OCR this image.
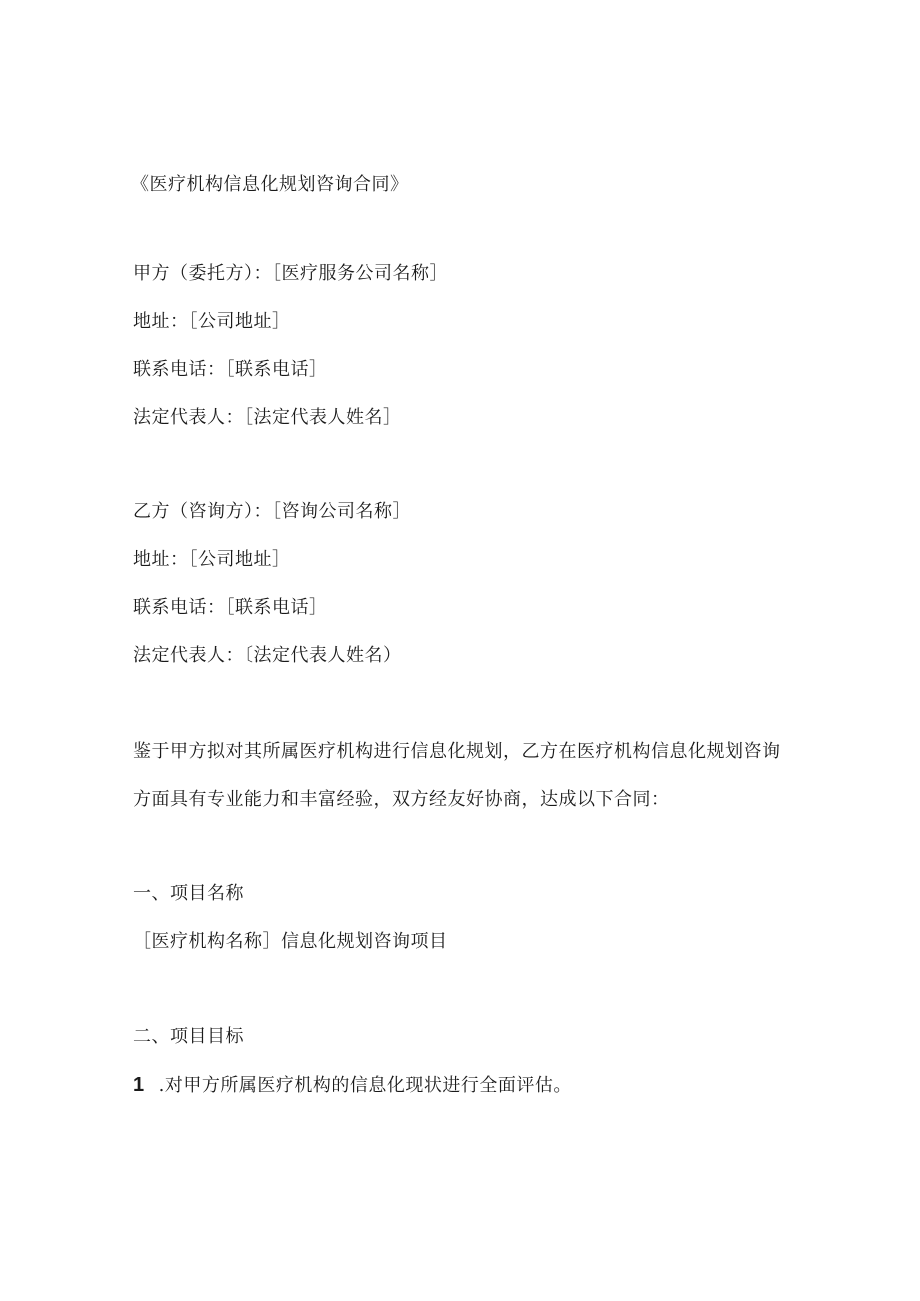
《医疗机构信息化规划咨询合同》
甲方（委托方）：［医疗服务公司名称］
地址：［公司地址］
联系电话：［联系电话］
法定代表人：［法定代表人姓名］
乙方（咨询方）：［咨询公司名称］
地址：［公司地址］
联系电话：［联系电话］
法定代表人：〔法定代表人姓名）
鉴于甲方拟对其所属医疗机构进行信息化规划，乙方在医疗机构信息化规划咨询
方面具有专业能力和丰富经验，双方经友好协商，达成以下合同：
一、项目名称
［医疗机构名称］信息化规划咨询项目
二、项目目标
1 .对甲方所属医疗机构的信息化现状进行全面评估。
